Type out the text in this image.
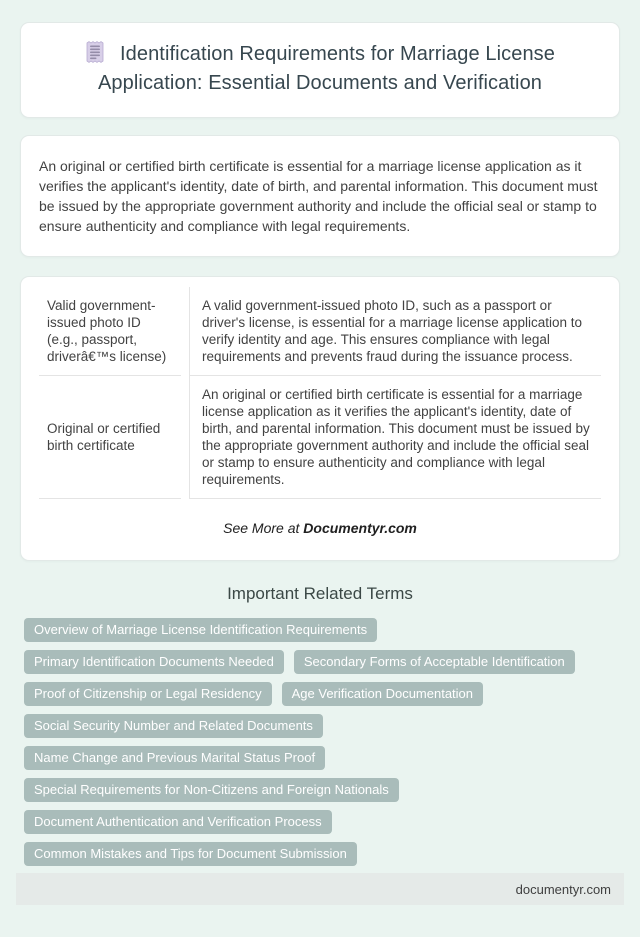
Identification Requirements for Marriage License Application: Essential Documents and Verification
An original or certified birth certificate is essential for a marriage license application as it verifies the applicant's identity, date of birth, and parental information. This document must be issued by the appropriate government authority and include the official seal or stamp to ensure authenticity and compliance with legal requirements.
Valid government-issued photo ID (e.g., passport, driverâ€™s license)	A valid government-issued photo ID, such as a passport or driver's license, is essential for a marriage license application to verify identity and age. This ensures compliance with legal requirements and prevents fraud during the issuance process.
Original or certified birth certificate	An original or certified birth certificate is essential for a marriage license application as it verifies the applicant's identity, date of birth, and parental information. This document must be issued by the appropriate government authority and include the official seal or stamp to ensure authenticity and compliance with legal requirements.
See More at Documentyr.com
Important Related Terms
Overview of Marriage License Identification Requirements
Primary Identification Documents Needed	Secondary Forms of Acceptable Identification
Proof of Citizenship or Legal Residency	Age Verification Documentation
Social Security Number and Related Documents
Name Change and Previous Marital Status Proof
Special Requirements for Non-Citizens and Foreign Nationals
Document Authentication and Verification Process
Common Mistakes and Tips for Document Submission
documentyr.com
